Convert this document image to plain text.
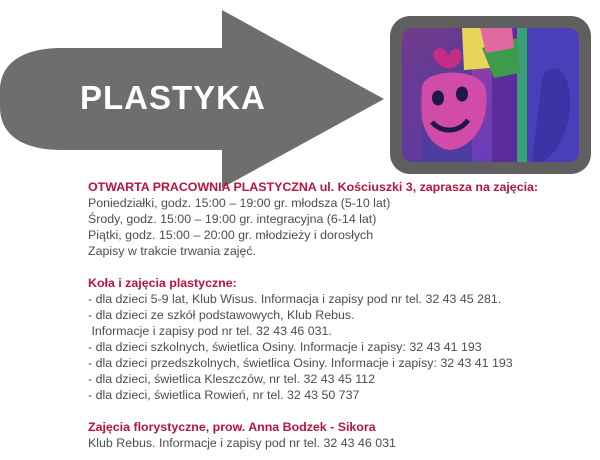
PLASTYKA
OTWARTA PRACOWNIA PLASTYCZNA ul. Kościuszki 3, zaprasza na zajęcia:
Poniedziałki, godz. 15:00 – 19:00 gr. młodsza (5-10 lat)
Środy, godz. 15:00 – 19:00 gr. integracyjna (6-14 lat)
Piątki, godz. 15:00 – 20:00 gr. młodzieży i dorosłych
Zapisy w trakcie trwania zajęć.
Koła i zajęcia plastyczne:
- dla dzieci 5-9 lat, Klub Wisus. Informacja i zapisy pod nr tel. 32 43 45 281.
- dla dzieci ze szkół podstawowych, Klub Rebus.
Informacje i zapisy pod nr tel. 32 43 46 031.
- dla dzieci szkolnych, świetlica Osiny. Informacje i zapisy: 32 43 41 193
- dla dzieci przedszkolnych, świetlica Osiny. Informacje i zapisy: 32 43 41 193
- dla dzieci, świetlica Kleszczów, nr tel. 32 43 45 112
- dla dzieci, świetlica Rowień, nr tel. 32 43 50 737
Zajęcia florystyczne, prow. Anna Bodzek - Sikora
Klub Rebus. Informacje i zapisy pod nr tel. 32 43 46 031
